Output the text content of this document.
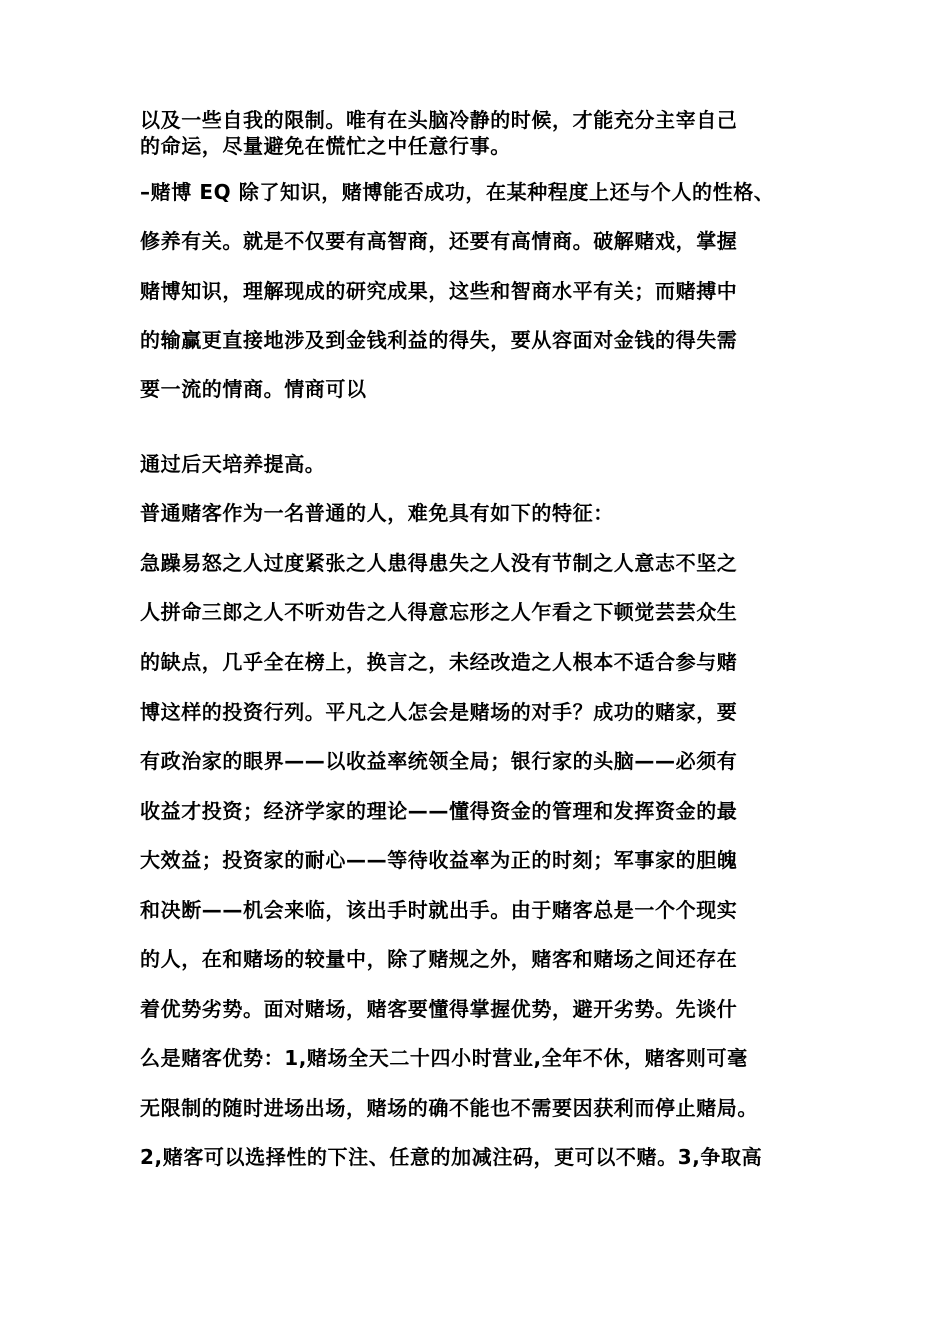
以及一些自我的限制。唯有在头脑冷静的时候，才能充分主宰自己
的命运，尽量避免在慌忙之中任意行事。
–赌博 EQ 除了知识，赌博能否成功，在某种程度上还与个人的性格、
修养有关。就是不仅要有高智商，还要有高情商。破解赌戏，掌握
赌博知识，理解现成的研究成果，这些和智商水平有关；而赌搏中
的输赢更直接地涉及到金钱利益的得失，要从容面对金钱的得失需
要一流的情商。情商可以
通过后天培养提高。
普通赌客作为一名普通的人，难免具有如下的特征：
急躁易怒之人过度紧张之人患得患失之人没有节制之人意志不坚之
人拼命三郎之人不听劝告之人得意忘形之人乍看之下顿觉芸芸众生
的缺点，几乎全在榜上，换言之，未经改造之人根本不适合参与赌
博这样的投资行列。平凡之人怎会是赌场的对手？成功的赌家，要
有政治家的眼界——以收益率统领全局；银行家的头脑——必须有
收益才投资；经济学家的理论——懂得资金的管理和发挥资金的最
大效益；投资家的耐心——等待收益率为正的时刻；军事家的胆魄
和决断——机会来临，该出手时就出手。由于赌客总是一个个现实
的人，在和赌场的较量中，除了赌规之外，赌客和赌场之间还存在
着优势劣势。面对赌场，赌客要懂得掌握优势，避开劣势。先谈什
么是赌客优势：1,赌场全天二十四小时营业,全年不休，赌客则可毫
无限制的随时进场出场，赌场的确不能也不需要因获利而停止赌局。
2,赌客可以选择性的下注、任意的加减注码，更可以不赌。3,争取高
